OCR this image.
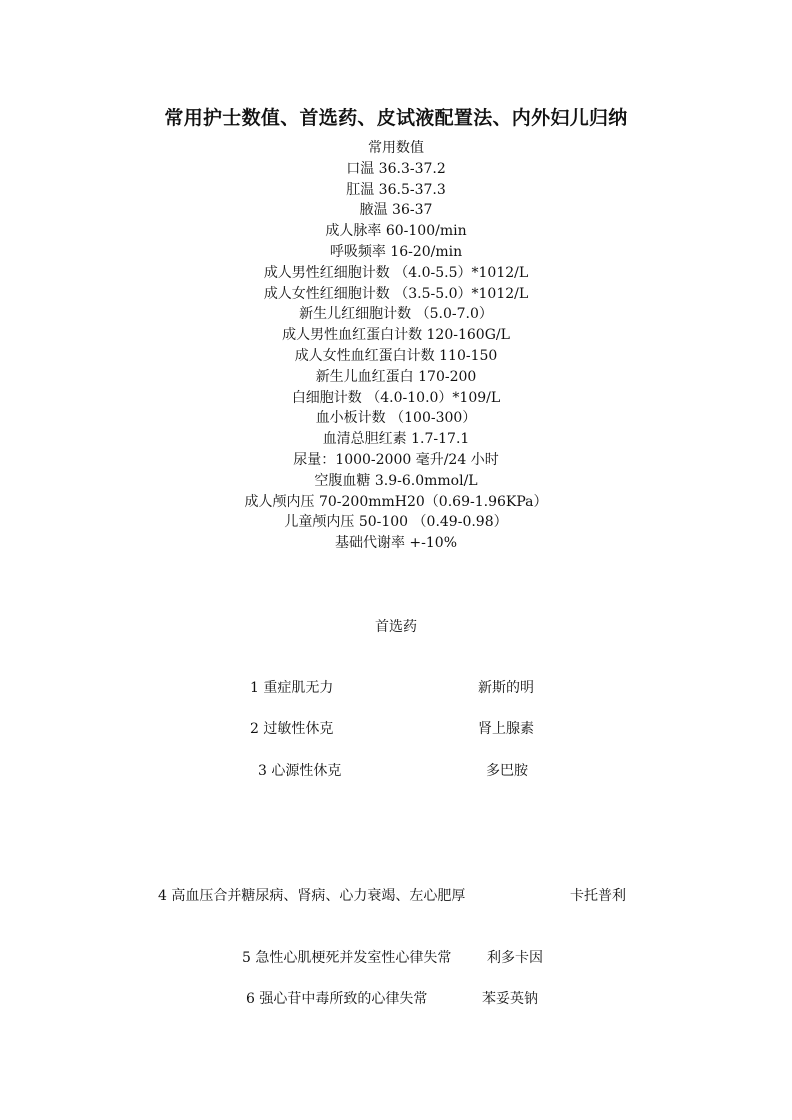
常用护士数值、首选药、皮试液配置法、内外妇儿归纳
常用数值
口温 36.3-37.2
肛温 36.5-37.3
腋温 36-37
成人脉率 60-100/min
呼吸频率 16-20/min
成人男性红细胞计数 （4.0-5.5）*1012/L
成人女性红细胞计数 （3.5-5.0）*1012/L
新生儿红细胞计数 （5.0-7.0）
成人男性血红蛋白计数 120-160G/L
成人女性血红蛋白计数 110-150
新生儿血红蛋白 170-200
白细胞计数 （4.0-10.0）*109/L
血小板计数 （100-300）
血清总胆红素 1.7-17.1
尿量：1000-2000 毫升/24 小时
空腹血糖 3.9-6.0mmol/L
成人颅内压 70-200mmH20（0.69-1.96KPa）
儿童颅内压 50-100 （0.49-0.98）
基础代谢率 +-10%
首选药
1 重症肌无力	新斯的明
2 过敏性休克	肾上腺素
3 心源性休克	多巴胺
4 高血压合并糖尿病、肾病、心力衰竭、左心肥厚	卡托普利
5 急性心肌梗死并发室性心律失常	利多卡因
6 强心苷中毒所致的心律失常	苯妥英钠
